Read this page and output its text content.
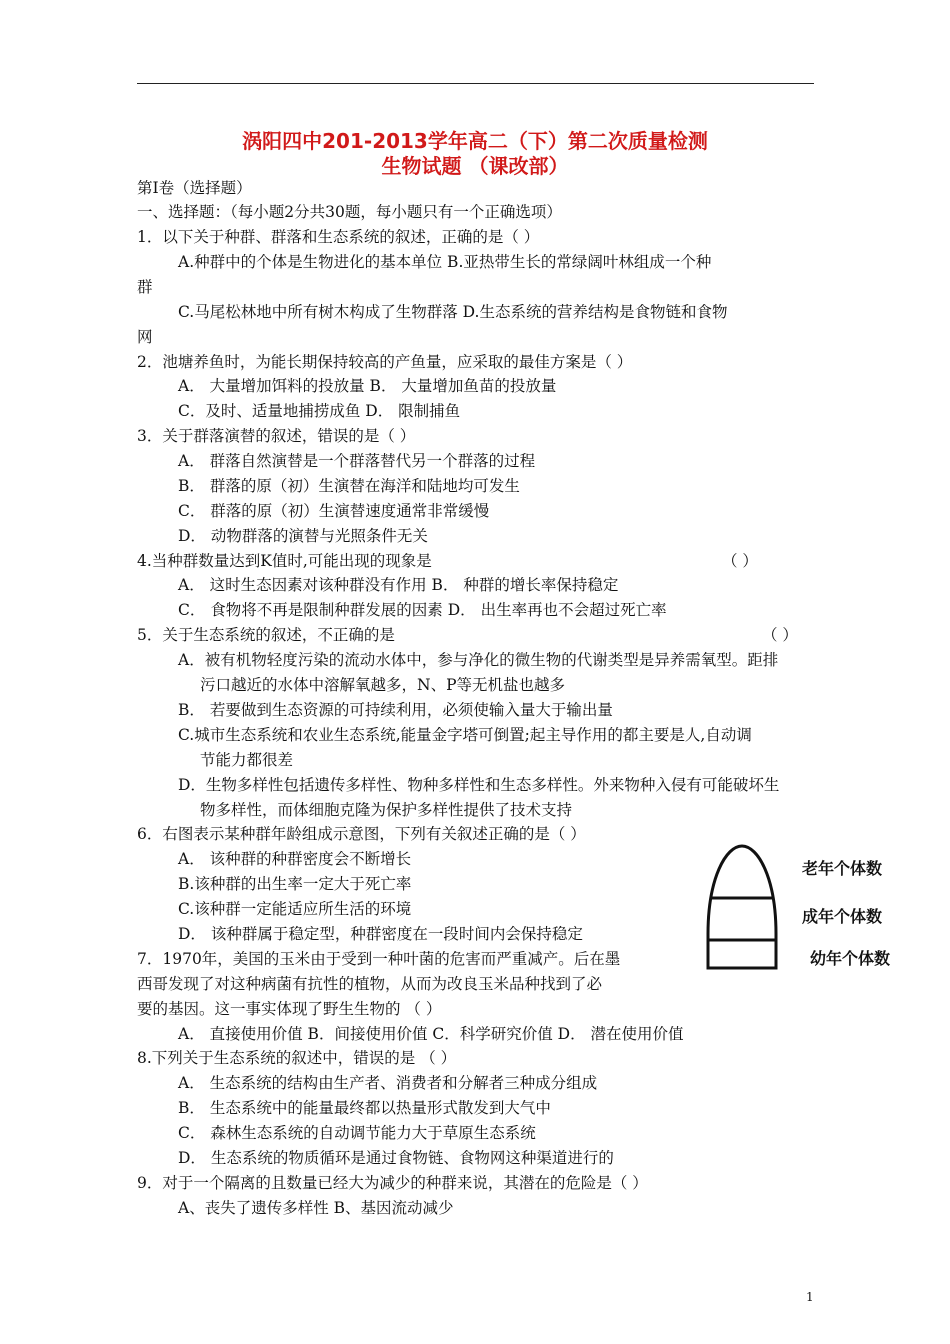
涡阳四中201-2013学年高二（下）第二次质量检测
生物试题 （课改部）
第Ⅰ卷（选择题）
一、选择题：（每小题2分共30题，每小题只有一个正确选项）
1．以下关于种群、群落和生态系统的叙述，正确的是（ ）
A.种群中的个体是生物进化的基本单位 B.亚热带生长的常绿阔叶林组成一个种
群
C.马尾松林地中所有树木构成了生物群落 D.生态系统的营养结构是食物链和食物
网
2．池塘养鱼时，为能长期保持较高的产鱼量，应采取的最佳方案是（ ）
A． 大量增加饵料的投放量 B． 大量增加鱼苗的投放量
C．及时、适量地捕捞成鱼 D． 限制捕鱼
3．关于群落演替的叙述，错误的是（ ）
A． 群落自然演替是一个群落替代另一个群落的过程
B． 群落的原（初）生演替在海洋和陆地均可发生
C． 群落的原（初）生演替速度通常非常缓慢
D． 动物群落的演替与光照条件无关
4.当种群数量达到K值时,可能出现的现象是	（ ）
A． 这时生态因素对该种群没有作用 B． 种群的增长率保持稳定
C． 食物将不再是限制种群发展的因素 D． 出生率再也不会超过死亡率
5．关于生态系统的叙述，不正确的是	（ ）
A．被有机物轻度污染的流动水体中，参与净化的微生物的代谢类型是异养需氧型。距排
污口越近的水体中溶解氧越多，N、P等无机盐也越多
B． 若要做到生态资源的可持续利用，必须使输入量大于输出量
C.城市生态系统和农业生态系统,能量金字塔可倒置;起主导作用的都主要是人,自动调
节能力都很差
D．生物多样性包括遗传多样性、物种多样性和生态多样性。外来物种入侵有可能破坏生
物多样性，而体细胞克隆为保护多样性提供了技术支持
6．右图表示某种群年龄组成示意图，下列有关叙述正确的是（ ）
A． 该种群的种群密度会不断增长
B.该种群的出生率一定大于死亡率
C.该种群一定能适应所生活的环境
D． 该种群属于稳定型，种群密度在一段时间内会保持稳定
老年个体数
成年个体数
幼年个体数
7．1970年，美国的玉米由于受到一种叶菌的危害而严重减产。后在墨
西哥发现了对这种病菌有抗性的植物，从而为改良玉米品种找到了必
要的基因。这一事实体现了野生生物的 （ ）
A． 直接使用价值 B．间接使用价值 C．科学研究价值 D． 潜在使用价值
8.下列关于生态系统的叙述中，错误的是 （ ）
A． 生态系统的结构由生产者、消费者和分解者三种成分组成
B． 生态系统中的能量最终都以热量形式散发到大气中
C． 森林生态系统的自动调节能力大于草原生态系统
D． 生态系统的物质循环是通过食物链、食物网这种渠道进行的
9．对于一个隔离的且数量已经大为减少的种群来说，其潜在的危险是（ ）
A、丧失了遗传多样性 B、基因流动减少
1
